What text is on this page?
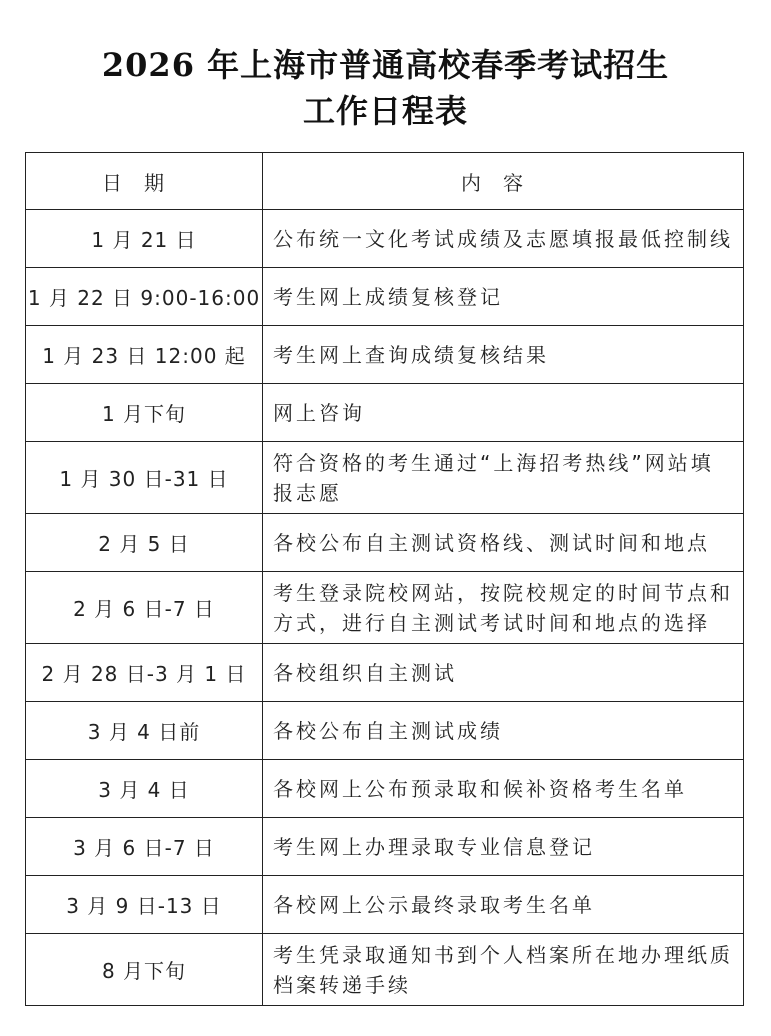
2026 年上海市普通高校春季考试招生
工作日程表
日期	内容
1 月 21 日	公布统一文化考试成绩及志愿填报最低控制线
1 月 22 日 9:00-16:00	考生网上成绩复核登记
1 月 23 日 12:00 起	考生网上查询成绩复核结果
1 月下旬	网上咨询
1 月 30 日-31 日	符合资格的考生通过“上海招考热线”网站填报志愿
2 月 5 日	各校公布自主测试资格线、测试时间和地点
2 月 6 日-7 日	考生登录院校网站，按院校规定的时间节点和方式，进行自主测试考试时间和地点的选择
2 月 28 日-3 月 1 日	各校组织自主测试
3 月 4 日前	各校公布自主测试成绩
3 月 4 日	各校网上公布预录取和候补资格考生名单
3 月 6 日-7 日	考生网上办理录取专业信息登记
3 月 9 日-13 日	各校网上公示最终录取考生名单
8 月下旬	考生凭录取通知书到个人档案所在地办理纸质档案转递手续
